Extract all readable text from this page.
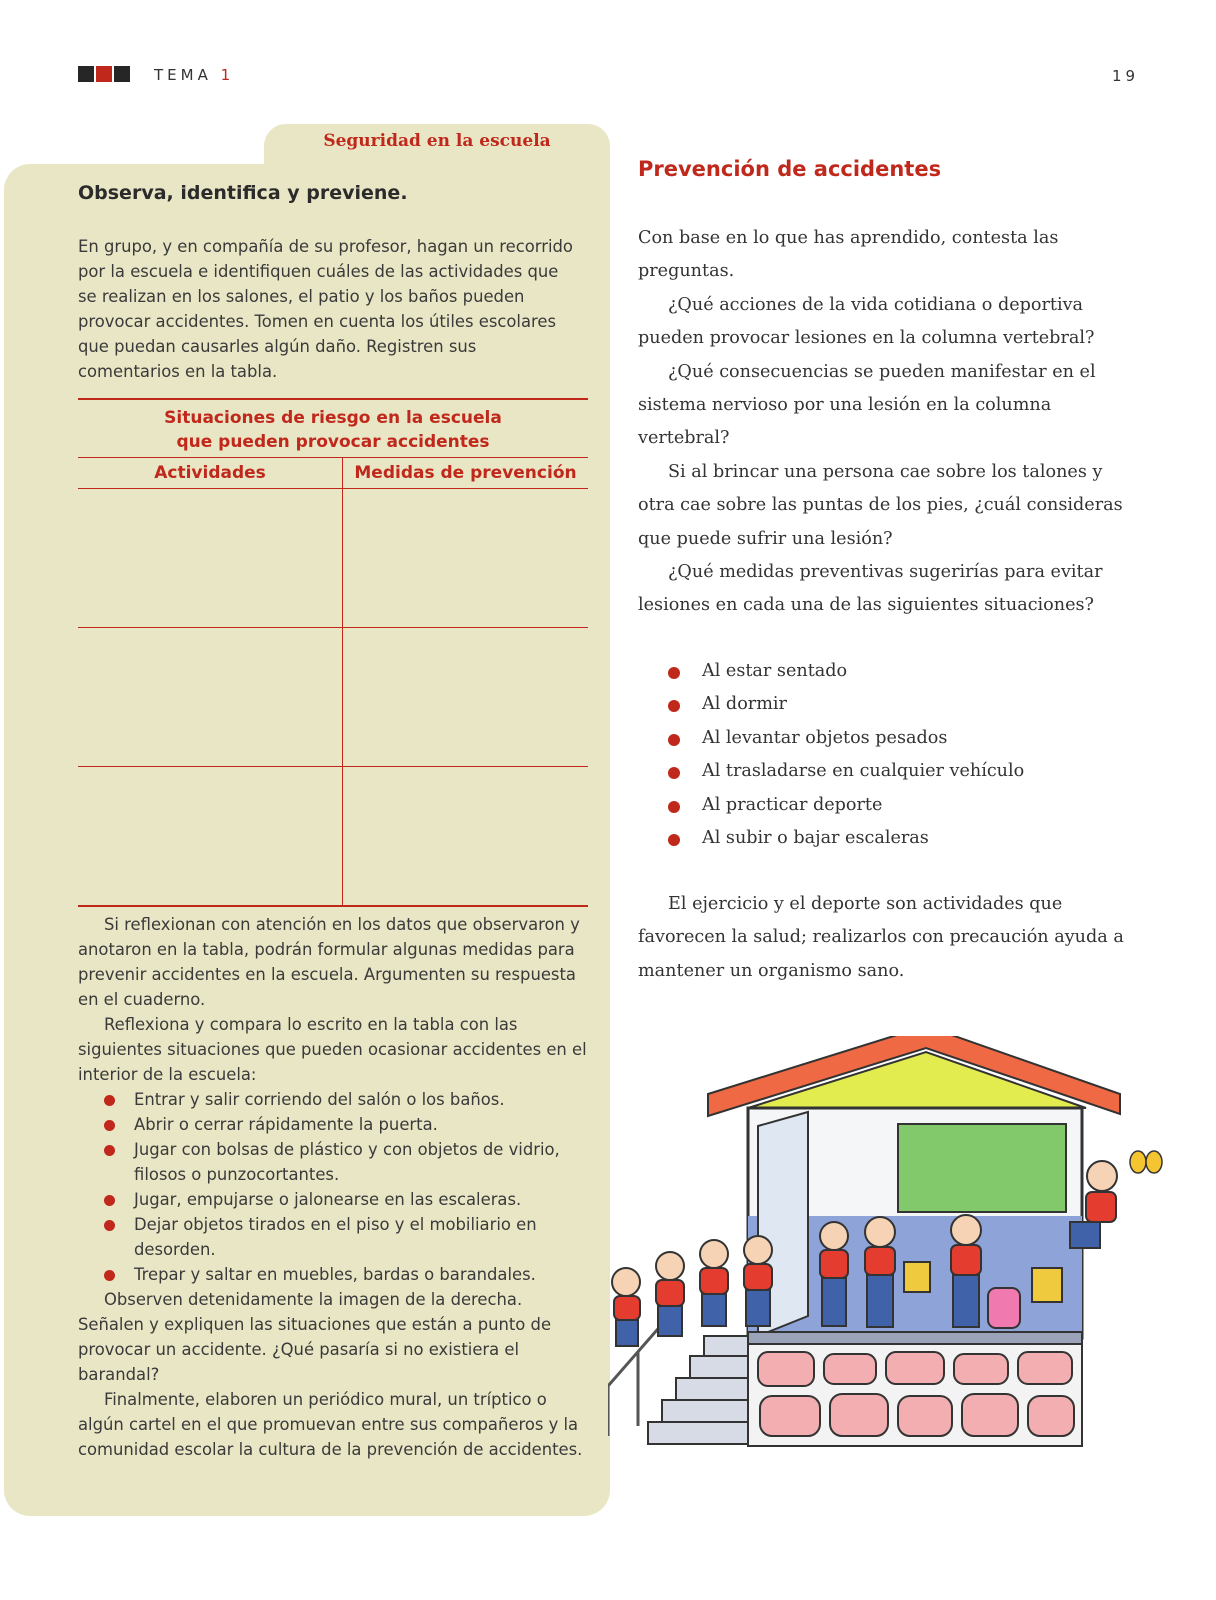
TEMA 1	19
Seguridad en la escuela
Observa, identifica y previene.
En grupo, y en compañía de su profesor, hagan un recorrido por la escuela e identifiquen cuáles de las actividades que se realizan en los salones, el patio y los baños pueden provocar accidentes. Tomen en cuenta los útiles escolares que puedan causarles algún daño. Registren sus comentarios en la tabla.
Situaciones de riesgo en la escuela
que pueden provocar accidentes
Actividades	Medidas de prevención

Si reflexionan con atención en los datos que observaron y anotaron en la tabla, podrán formular algunas medidas para prevenir accidentes en la escuela. Argumenten su respuesta en el cuaderno.

Reflexiona y compara lo escrito en la tabla con las siguientes situaciones que pueden ocasionar accidentes en el interior de la escuela:

Entrar y salir corriendo del salón o los baños.
Abrir o cerrar rápidamente la puerta.
Jugar con bolsas de plástico y con objetos de vidrio, filosos o punzocortantes.
Jugar, empujarse o jalonearse en las escaleras.
Dejar objetos tirados en el piso y el mobiliario en desorden.
Trepar y saltar en muebles, bardas o barandales.

Observen detenidamente la imagen de la derecha. Señalen y expliquen las situaciones que están a punto de provocar un accidente. ¿Qué pasaría si no existiera el barandal?

Finalmente, elaboren un periódico mural, un tríptico o algún cartel en el que promuevan entre sus compañeros y la comunidad escolar la cultura de la prevención de accidentes.

Prevención de accidentes

Con base en lo que has aprendido, contesta las preguntas.

¿Qué acciones de la vida cotidiana o deportiva pueden provocar lesiones en la columna vertebral?

¿Qué consecuencias se pueden manifestar en el sistema nervioso por una lesión en la columna vertebral?

Si al brincar una persona cae sobre los talones y otra cae sobre las puntas de los pies, ¿cuál consideras que puede sufrir una lesión?

¿Qué medidas preventivas sugerirías para evitar lesiones en cada una de las siguientes situaciones?

Al estar sentado
Al dormir
Al levantar objetos pesados
Al trasladarse en cualquier vehículo
Al practicar deporte
Al subir o bajar escaleras

El ejercicio y el deporte son actividades que favorecen la salud; realizarlos con precaución ayuda a mantener un organismo sano.
